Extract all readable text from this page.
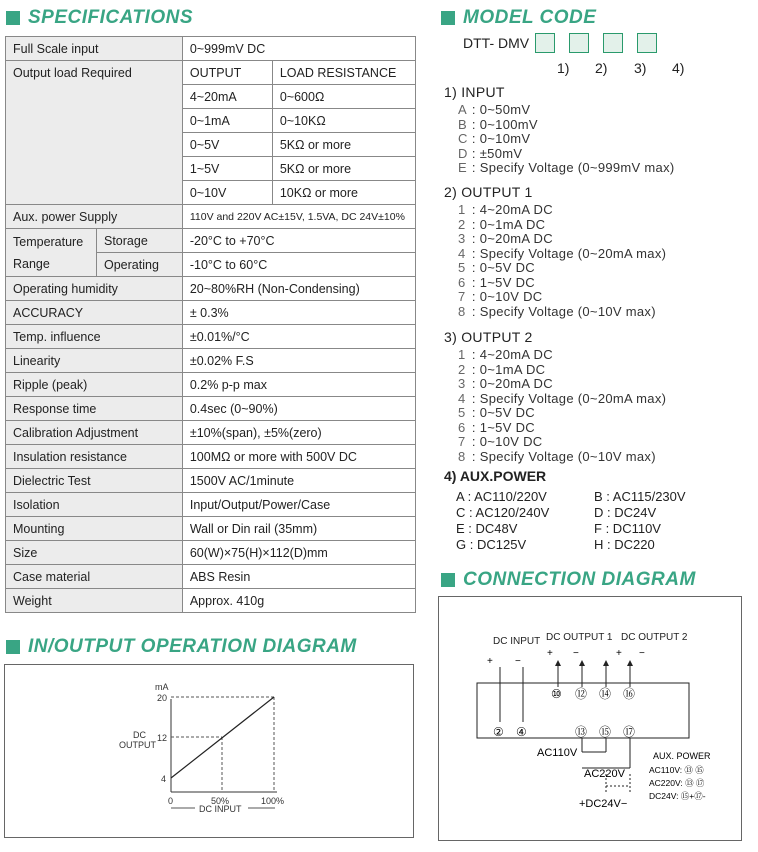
SPECIFICATIONS
Full Scale input		0~999mV DC	
Output load Required		OUTPUT	LOAD RESISTANCE
		4~20mA	0~600Ω
		0~1mA	0~10KΩ
		0~5V	5KΩ or more
		1~5V	5KΩ or more
		0~10V	10KΩ or more
Aux. power Supply		110V and 220V AC±15V, 1.5VA, DC 24V±10%	
Temperature
Range	Storage	-20°C to +70°C	
	Operating	-10°C to 60°C	
Operating humidity		20~80%RH (Non-Condensing)	
ACCURACY		± 0.3%	
Temp. influence		±0.01%/°C	
Linearity		±0.02% F.S	
Ripple (peak)		0.2% p-p max	
Response time		0.4sec (0~90%)	
Calibration Adjustment		±10%(span), ±5%(zero)	
Insulation resistance		100MΩ or more with 500V DC	
Dielectric Test		1500V AC/1minute	
Isolation		Input/Output/Power/Case	
Mounting		Wall or Din rail (35mm)	
Size		60(W)×75(H)×112(D)mm	
Case material		ABS Resin	
Weight		Approx. 410g	
MODEL CODE
DTT- DMV
1) 2) 3) 4)
1) INPUT
A : 0~50mV
B : 0~100mV
C : 0~10mV
D : ±50mV
E : Specify Voltage (0~999mV max)
2) OUTPUT 1
1 : 4~20mA DC
2 : 0~1mA DC
3 : 0~20mA DC
4 : Specify Voltage (0~20mA max)
5 : 0~5V DC
6 : 1~5V DC
7 : 0~10V DC
8 : Specify Voltage (0~10V max)
3) OUTPUT 2
1 : 4~20mA DC
2 : 0~1mA DC
3 : 0~20mA DC
4 : Specify Voltage (0~20mA max)
5 : 0~5V DC
6 : 1~5V DC
7 : 0~10V DC
8 : Specify Voltage (0~10V max)
4) AUX.POWER
A : AC110/220V	B : AC115/230V
C : AC120/240V	D : DC24V
E : DC48V	F : DC110V
G : DC125V	H : DC220
IN/OUTPUT OPERATION DIAGRAM
mA
20
12
4
DC
OUTPUT
0	50%	100%
DC INPUT
CONNECTION DIAGRAM
DC INPUT DC OUTPUT 1 DC OUTPUT 2
+ −
+ −	+ −
⑩ ⑫ ⑭ ⑯
② ④	⑬ ⑮ ⑰
AC110V
AC220V
+DC24V−
AUX. POWER
AC110V: ⑬ ⑮
AC220V: ⑬ ⑰
DC24V: ⑮+⑰-
